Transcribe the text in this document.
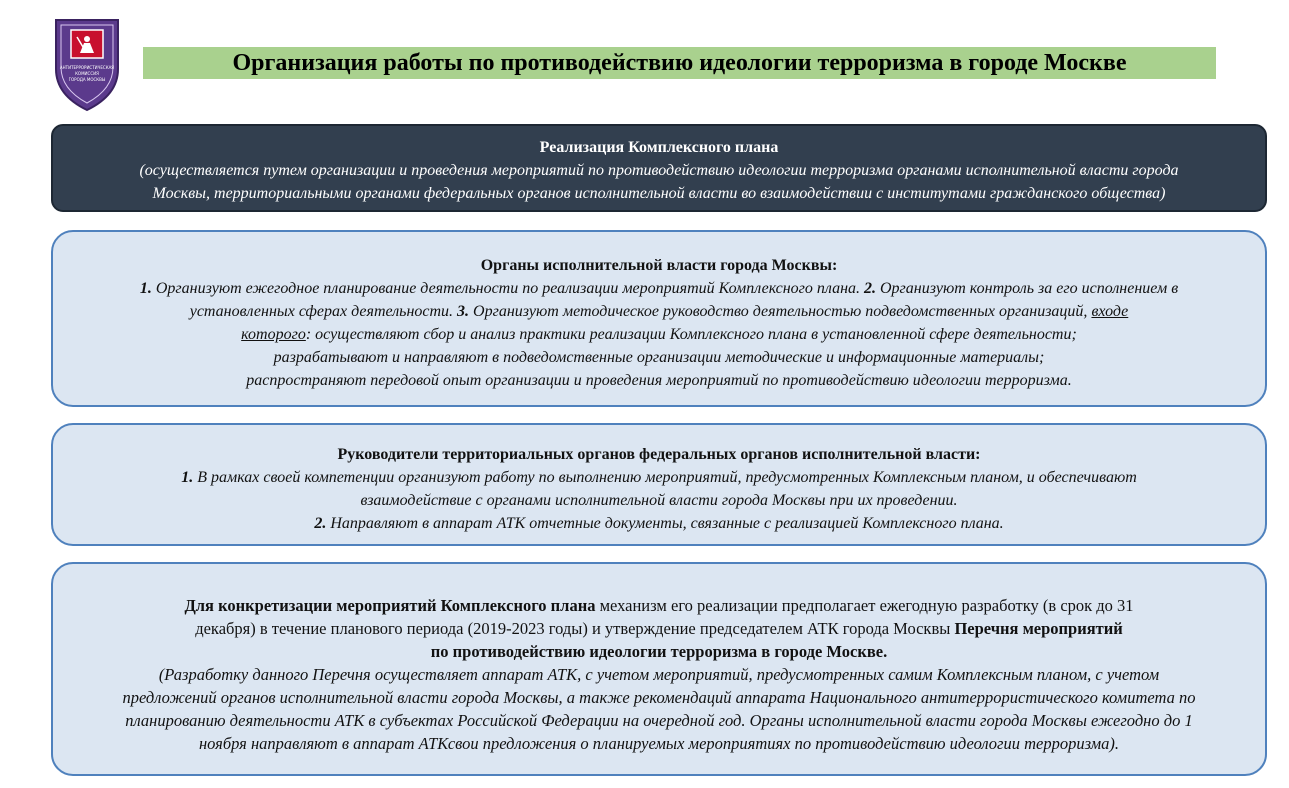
АНТИТЕРРОРИСТИЧЕСКАЯ
КОМИССИЯ
ГОРОДА МОСКВЫ
Организация работы по противодействию идеологии терроризма в городе Москве
Реализация Комплексного плана
(осуществляется путем организации и проведения мероприятий по противодействию идеологии терроризма органами исполнительной власти города
Москвы, территориальными органами федеральных органов исполнительной власти во взаимодействии с институтами гражданского общества)
Органы исполнительной власти города Москвы:
1. Организуют ежегодное планирование деятельности по реализации мероприятий Комплексного плана. 2. Организуют контроль за его исполнением в
установленных сферах деятельности. 3. Организуют методическое руководство деятельностью подведомственных организаций, входе
которого: осуществляют сбор и анализ практики реализации Комплексного плана в установленной сфере деятельности;
разрабатывают и направляют в подведомственные организации методические и информационные материалы;
распространяют передовой опыт организации и проведения мероприятий по противодействию идеологии терроризма.
Руководители территориальных органов федеральных органов исполнительной власти:
1. В рамках своей компетенции организуют работу по выполнению мероприятий, предусмотренных Комплексным планом, и обеспечивают
взаимодействие с органами исполнительной власти города Москвы при их проведении.
2. Направляют в аппарат АТК отчетные документы, связанные с реализацией Комплексного плана.
Для конкретизации мероприятий Комплексного плана механизм его реализации предполагает ежегодную разработку (в срок до 31
декабря) в течение планового периода (2019-2023 годы) и утверждение председателем АТК города Москвы Перечня мероприятий
по противодействию идеологии терроризма в городе Москве.
(Разработку данного Перечня осуществляет аппарат АТК, с учетом мероприятий, предусмотренных самим Комплексным планом, с учетом
предложений органов исполнительной власти города Москвы, а также рекомендаций аппарата Национального антитеррористического комитета по
планированию деятельности АТК в субъектах Российской Федерации на очередной год. Органы исполнительной власти города Москвы ежегодно до 1
ноября направляют в аппарат АТКсвои предложения о планируемых мероприятиях по противодействию идеологии терроризма).
